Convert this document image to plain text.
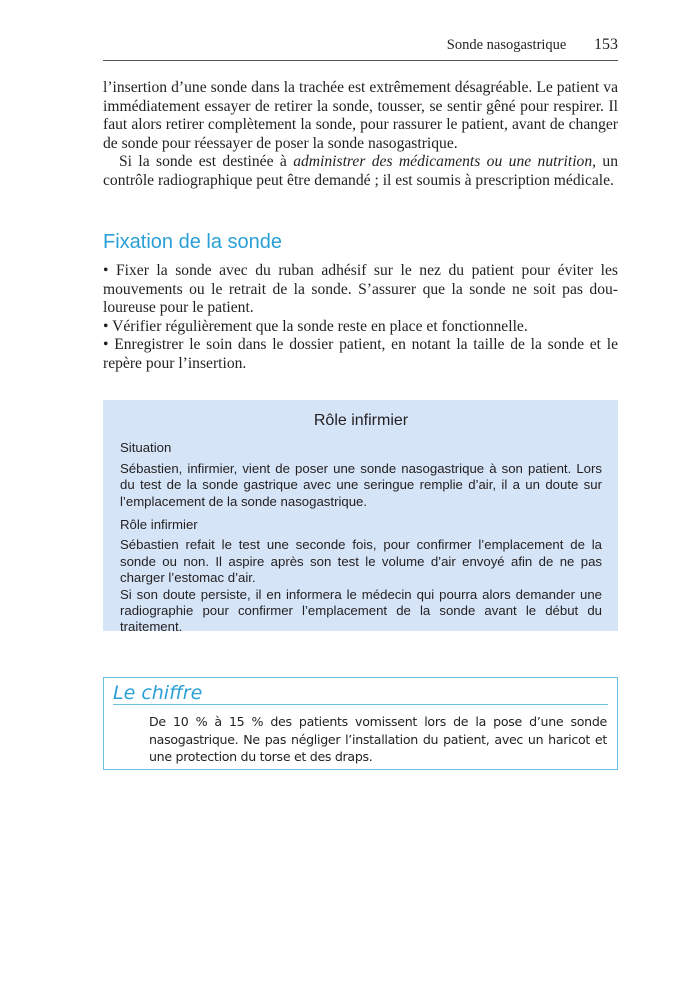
Sonde nasogastrique 153

l’insertion d’une sonde dans la trachée est extrêmement désagréable. Le patient va immédiatement essayer de retirer la sonde, tousser, se sentir gêné pour respirer. Il faut alors retirer complètement la sonde, pour rassurer le patient, avant de changer de sonde pour réessayer de poser la sonde nasogastrique.

Si la sonde est destinée à administrer des médicaments ou une nutrition, un contrôle radiographique peut être demandé ; il est soumis à prescription médicale.

Fixation de la sonde

• Fixer la sonde avec du ruban adhésif sur le nez du patient pour éviter les mouvements ou le retrait de la sonde. S’assurer que la sonde ne soit pas douloureuse pour le patient.

• Vérifier régulièrement que la sonde reste en place et fonctionnelle.

• Enregistrer le soin dans le dossier patient, en notant la taille de la sonde et le repère pour l’insertion.

Rôle infirmier
Situation

Sébastien, infirmier, vient de poser une sonde nasogastrique à son patient. Lors du test de la sonde gastrique avec une seringue remplie d’air, il a un doute sur l’emplacement de la sonde nasogastrique.

Rôle infirmier

Sébastien refait le test une seconde fois, pour confirmer l’emplacement de la sonde ou non. Il aspire après son test le volume d’air envoyé afin de ne pas charger l’estomac d’air.

Si son doute persiste, il en informera le médecin qui pourra alors demander une radiographie pour confirmer l’emplacement de la sonde avant le début du traitement.

Le chiffre
De 10 % à 15 % des patients vomissent lors de la pose d’une sonde nasogastrique. Ne pas négliger l’installation du patient, avec un haricot et une protection du torse et des draps.
